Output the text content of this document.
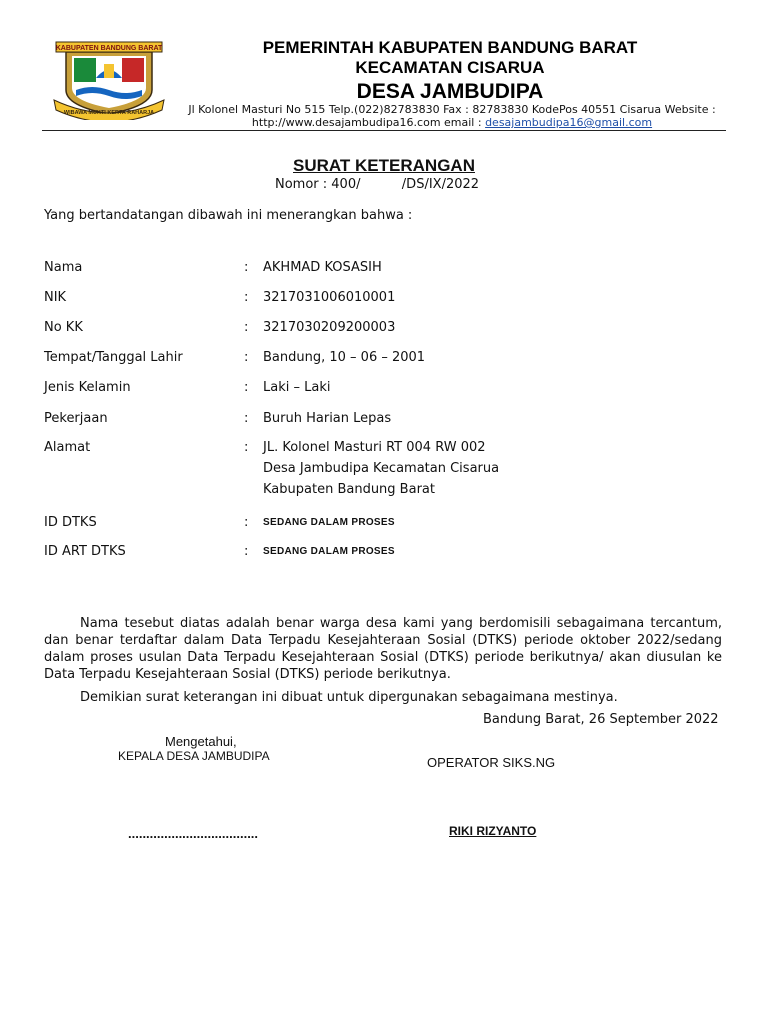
KABUPATEN BANDUNG BARAT
WIBAWA MUKTI KERTA RAHARJA
PEMERINTAH KABUPATEN BANDUNG BARAT
KECAMATAN CISARUA
DESA JAMBUDIPA
Jl Kolonel Masturi No 515 Telp.(022)82783830 Fax : 82783830 KodePos 40551 Cisarua Website :
http://www.desajambudipa16.com email : desajambudipa16@gmail.com
SURAT KETERANGAN
Nomor : 400/          /DS/IX/2022
Yang bertandatangan dibawah ini menerangkan bahwa :
Nama	: AKHMAD KOSASIH
NIK	: 3217031006010001
No KK	: 3217030209200003
Tempat/Tanggal Lahir	: Bandung, 10 – 06 – 2001
Jenis Kelamin	: Laki – Laki
Pekerjaan	: Buruh Harian Lepas
Alamat	: JL. Kolonel Masturi RT 004 RW 002
Desa Jambudipa Kecamatan Cisarua
Kabupaten Bandung Barat
ID DTKS	: SEDANG DALAM PROSES
ID ART DTKS	: SEDANG DALAM PROSES
Nama tesebut diatas adalah benar warga desa kami yang berdomisili sebagaimana tercantum, dan benar terdaftar dalam Data Terpadu Kesejahteraan Sosial (DTKS) periode oktober 2022/sedang dalam proses usulan Data Terpadu Kesejahteraan Sosial (DTKS) periode berikutnya/ akan diusulan ke Data Terpadu Kesejahteraan Sosial (DTKS) periode berikutnya.
Demikian surat keterangan ini dibuat untuk dipergunakan sebagaimana mestinya.
Bandung Barat, 26 September 2022
Mengetahui,
KEPALA DESA JAMBUDIPA
....................................
OPERATOR SIKS.NG
RIKI RIZYANTO
